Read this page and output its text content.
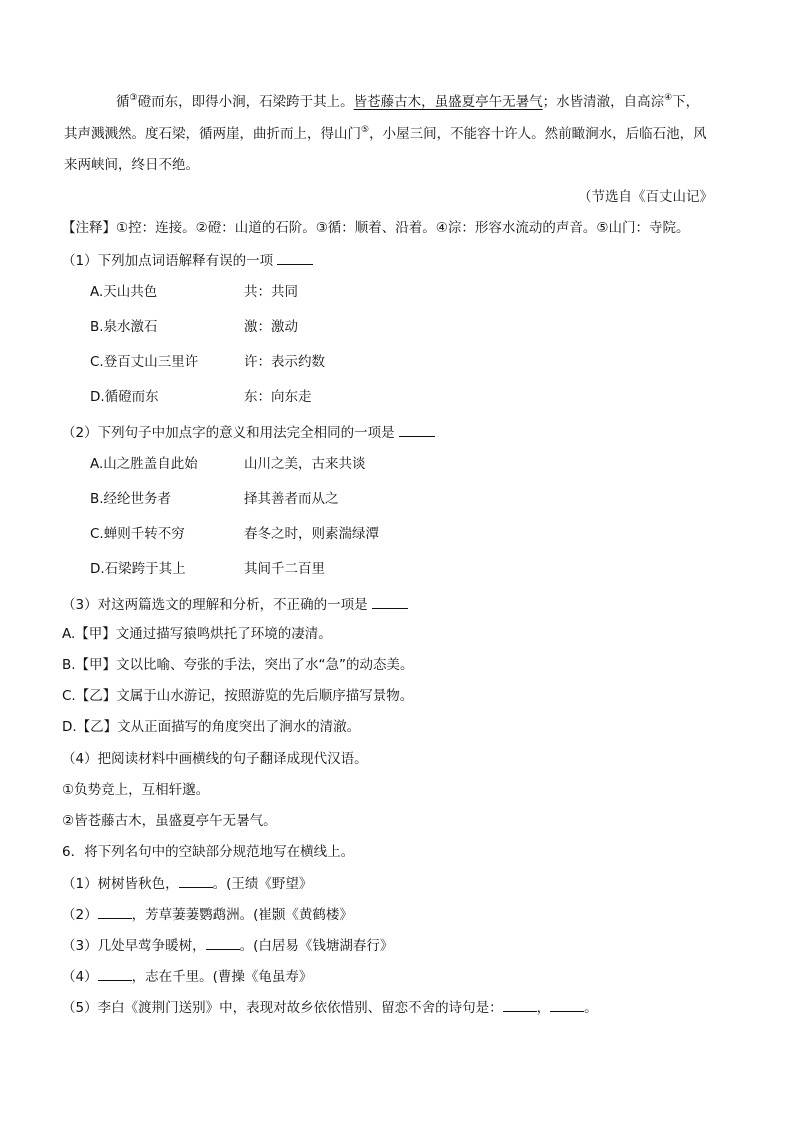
循③磴而东，即得小涧，石梁跨于其上。皆苍藤古木，虽盛夏亭午无暑气；水皆清澈，自高淙④下，
其声溅溅然。度石梁，循两崖，曲折而上，得山门⑤，小屋三间，不能容十许人。然前瞰涧水，后临石池，风
来两峡间，终日不绝。
（节选自《百丈山记》
【注释】①控：连接。②磴：山道的石阶。③循：顺着、沿着。④淙：形容水流动的声音。⑤山门：寺院。
（1）下列加点词语解释有误的一项
A.天山共色	共：共同
B.泉水激石	激：激动
C.登百丈山三里许	许：表示约数
D.循磴而东	东：向东走
（2）下列句子中加点字的意义和用法完全相同的一项是
A.山之胜盖自此始	山川之美，古来共谈
B.经纶世务者	择其善者而从之
C.蝉则千转不穷	春冬之时，则素湍绿潭
D.石梁跨于其上	其间千二百里
（3）对这两篇选文的理解和分析，不正确的一项是
A.【甲】文通过描写猿鸣烘托了环境的凄清。
B.【甲】文以比喻、夸张的手法，突出了水“急”的动态美。
C.【乙】文属于山水游记，按照游览的先后顺序描写景物。
D.【乙】文从正面描写的角度突出了涧水的清澈。
（4）把阅读材料中画横线的句子翻译成现代汉语。
①负势竞上，互相轩邈。
②皆苍藤古木，虽盛夏亭午无暑气。
6．将下列名句中的空缺部分规范地写在横线上。
（1）树树皆秋色，	。(王绩《野望》
（2）	，芳草萋萋鹦鹉洲。(崔颢《黄鹤楼》
（3）几处早莺争暖树，	。(白居易《钱塘湖春行》
（4）	，志在千里。(曹操《龟虽寿》
（5）李白《渡荆门送别》中，表现对故乡依依惜别、留恋不舍的诗句是：	，	。
